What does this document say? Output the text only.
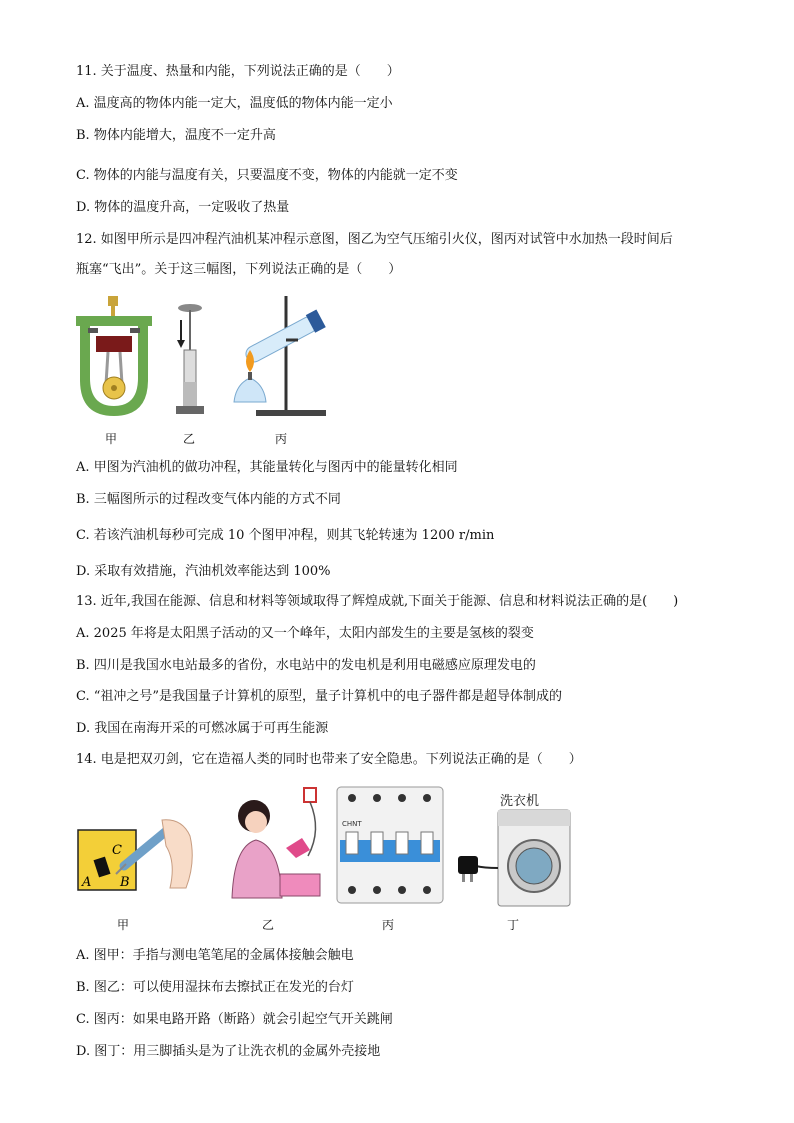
11. 关于温度、热量和内能，下列说法正确的是（　　）
A. 温度高的物体内能一定大，温度低的物体内能一定小
B. 物体内能增大，温度不一定升高
C. 物体的内能与温度有关，只要温度不变，物体的内能就一定不变
D. 物体的温度升高，一定吸收了热量
12. 如图甲所示是四冲程汽油机某冲程示意图，图乙为空气压缩引火仪，图丙对试管中水加热一段时间后
瓶塞“飞出”。关于这三幅图，下列说法正确的是（　　）
甲	乙	丙
A. 甲图为汽油机的做功冲程，其能量转化与图丙中的能量转化相同
B. 三幅图所示的过程改变气体内能的方式不同
C. 若该汽油机每秒可完成 10 个图甲冲程，则其飞轮转速为 1200 r/min
D. 采取有效措施，汽油机效率能达到 100%
13. 近年,我国在能源、信息和材料等领域取得了辉煌成就,下面关于能源、信息和材料说法正确的是(　　)
A. 2025 年将是太阳黑子活动的又一个峰年，太阳内部发生的主要是氢核的裂变
B. 四川是我国水电站最多的省份，水电站中的发电机是利用电磁感应原理发电的
C. “祖冲之号”是我国量子计算机的原型，量子计算机中的电子器件都是超导体制成的
D. 我国在南海开采的可燃冰属于可再生能源
14. 电是把双刃剑，它在造福人类的同时也带来了安全隐患。下列说法正确的是（　　）
C
A B
CHNT
洗衣机
甲	乙	丙	丁
A. 图甲：手指与测电笔笔尾的金属体接触会触电
B. 图乙：可以使用湿抹布去擦拭正在发光的台灯
C. 图丙：如果电路开路（断路）就会引起空气开关跳闸
D. 图丁：用三脚插头是为了让洗衣机的金属外壳接地
